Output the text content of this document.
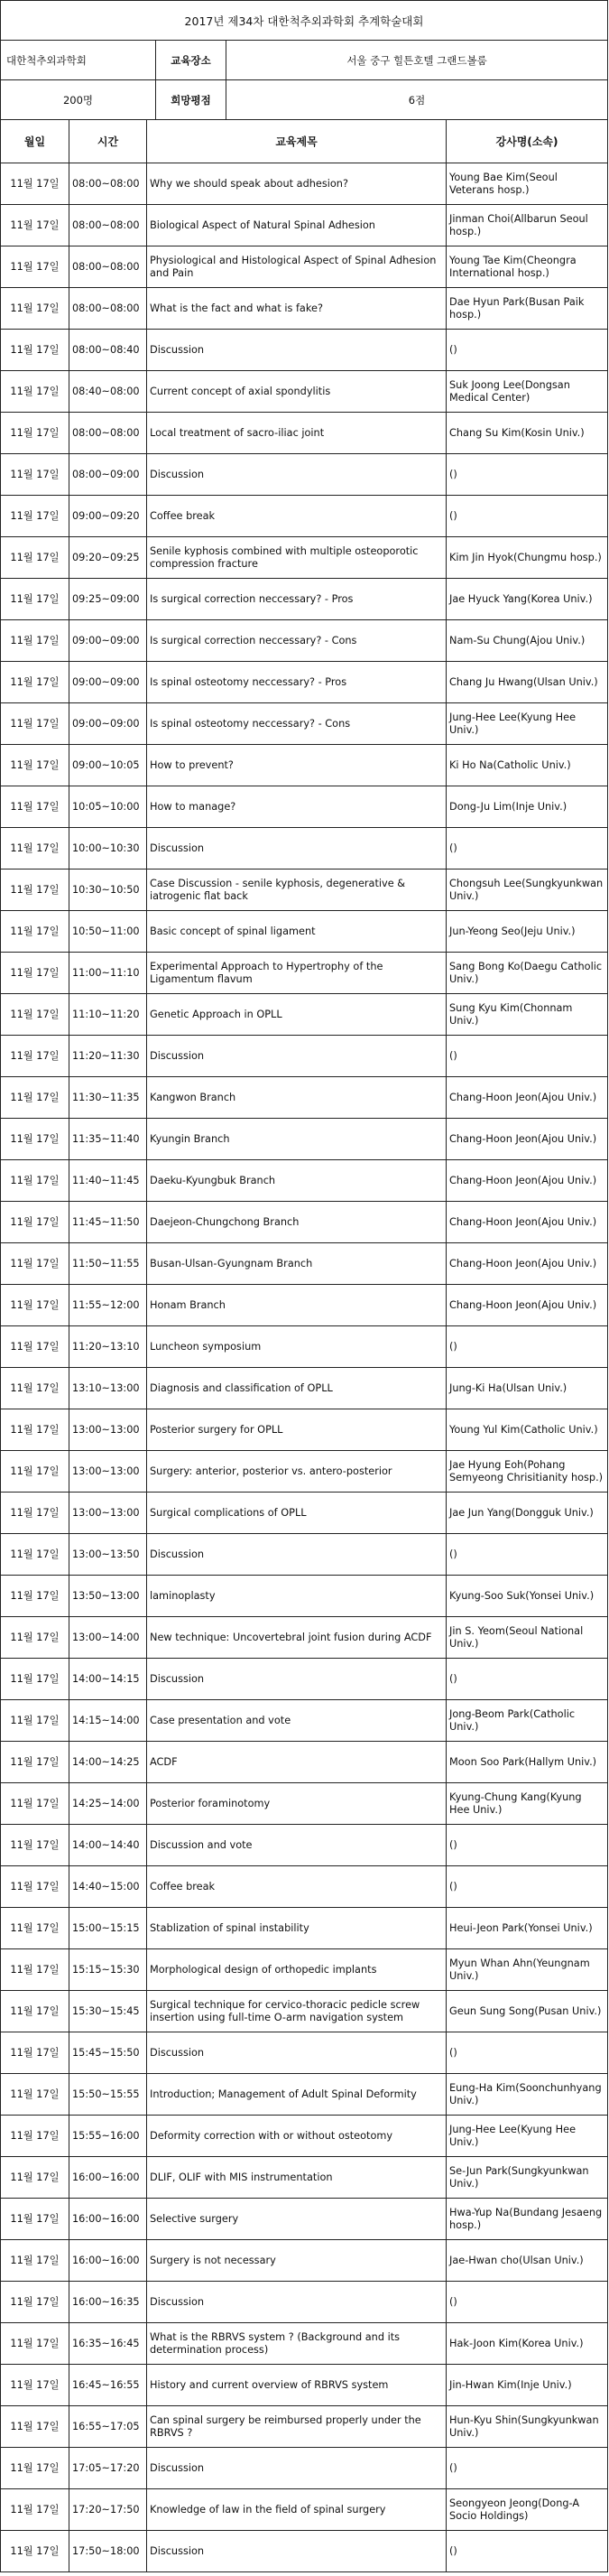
2017년 제34차 대한척추외과학회 추계학술대회		
대한척추외과학회	교육장소	서울 중구 힐튼호텔 그랜드볼룸
200명	희망평점	6점
월일	시간	교육제목	강사명(소속)
11월 17일	08:00~08:00	Why we should speak about adhesion?	Young Bae Kim(Seoul Veterans hosp.)
11월 17일	08:00~08:00	Biological Aspect of Natural Spinal Adhesion	Jinman Choi(Allbarun Seoul hosp.)
11월 17일	08:00~08:00	Physiological and Histological Aspect of Spinal Adhesion and Pain	Young Tae Kim(Cheongra International hosp.)
11월 17일	08:00~08:00	What is the fact and what is fake?	Dae Hyun Park(Busan Paik hosp.)
11월 17일	08:00~08:40	Discussion	()
11월 17일	08:40~08:00	Current concept of axial spondylitis	Suk Joong Lee(Dongsan Medical Center)
11월 17일	08:00~08:00	Local treatment of sacro-iliac joint	Chang Su Kim(Kosin Univ.)
11월 17일	08:00~09:00	Discussion	()
11월 17일	09:00~09:20	Coffee break	()
11월 17일	09:20~09:25	Senile kyphosis combined with multiple osteoporotic compression fracture	Kim Jin Hyok(Chungmu hosp.)
11월 17일	09:25~09:00	Is surgical correction neccessary? - Pros	Jae Hyuck Yang(Korea Univ.)
11월 17일	09:00~09:00	Is surgical correction neccessary? - Cons	Nam-Su Chung(Ajou Univ.)
11월 17일	09:00~09:00	Is spinal osteotomy neccessary? - Pros	Chang Ju Hwang(Ulsan Univ.)
11월 17일	09:00~09:00	Is spinal osteotomy neccessary? - Cons	Jung-Hee Lee(Kyung Hee Univ.)
11월 17일	09:00~10:05	How to prevent?	Ki Ho Na(Catholic Univ.)
11월 17일	10:05~10:00	How to manage?	Dong-Ju Lim(Inje Univ.)
11월 17일	10:00~10:30	Discussion	()
11월 17일	10:30~10:50	Case Discussion - senile kyphosis, degenerative & iatrogenic flat back	Chongsuh Lee(Sungkyunkwan Univ.)
11월 17일	10:50~11:00	Basic concept of spinal ligament	Jun-Yeong Seo(Jeju Univ.)
11월 17일	11:00~11:10	Experimental Approach to Hypertrophy of the Ligamentum flavum	Sang Bong Ko(Daegu Catholic Univ.)
11월 17일	11:10~11:20	Genetic Approach in OPLL	Sung Kyu Kim(Chonnam Univ.)
11월 17일	11:20~11:30	Discussion	()
11월 17일	11:30~11:35	Kangwon Branch	Chang-Hoon Jeon(Ajou Univ.)
11월 17일	11:35~11:40	Kyungin Branch	Chang-Hoon Jeon(Ajou Univ.)
11월 17일	11:40~11:45	Daeku-Kyungbuk Branch	Chang-Hoon Jeon(Ajou Univ.)
11월 17일	11:45~11:50	Daejeon-Chungchong Branch	Chang-Hoon Jeon(Ajou Univ.)
11월 17일	11:50~11:55	Busan-Ulsan-Gyungnam Branch	Chang-Hoon Jeon(Ajou Univ.)
11월 17일	11:55~12:00	Honam Branch	Chang-Hoon Jeon(Ajou Univ.)
11월 17일	11:20~13:10	Luncheon symposium	()
11월 17일	13:10~13:00	Diagnosis and classification of OPLL	Jung-Ki Ha(Ulsan Univ.)
11월 17일	13:00~13:00	Posterior surgery for OPLL	Young Yul Kim(Catholic Univ.)
11월 17일	13:00~13:00	Surgery: anterior, posterior vs. antero-posterior	Jae Hyung Eoh(Pohang Semyeong Chrisitianity hosp.)
11월 17일	13:00~13:00	Surgical complications of OPLL	Jae Jun Yang(Dongguk Univ.)
11월 17일	13:00~13:50	Discussion	()
11월 17일	13:50~13:00	laminoplasty	Kyung-Soo Suk(Yonsei Univ.)
11월 17일	13:00~14:00	New technique: Uncovertebral joint fusion during ACDF	Jin S. Yeom(Seoul National Univ.)
11월 17일	14:00~14:15	Discussion	()
11월 17일	14:15~14:00	Case presentation and vote	Jong-Beom Park(Catholic Univ.)
11월 17일	14:00~14:25	ACDF	Moon Soo Park(Hallym Univ.)
11월 17일	14:25~14:00	Posterior foraminotomy	Kyung-Chung Kang(Kyung Hee Univ.)
11월 17일	14:00~14:40	Discussion and vote	()
11월 17일	14:40~15:00	Coffee break	()
11월 17일	15:00~15:15	Stablization of spinal instability	Heui-Jeon Park(Yonsei Univ.)
11월 17일	15:15~15:30	Morphological design of orthopedic implants	Myun Whan Ahn(Yeungnam Univ.)
11월 17일	15:30~15:45	Surgical technique for cervico-thoracic pedicle screw insertion using full-time O-arm navigation system	Geun Sung Song(Pusan Univ.)
11월 17일	15:45~15:50	Discussion	()
11월 17일	15:50~15:55	Introduction; Management of Adult Spinal Deformity	Eung-Ha Kim(Soonchunhyang Univ.)
11월 17일	15:55~16:00	Deformity correction with or without osteotomy	Jung-Hee Lee(Kyung Hee Univ.)
11월 17일	16:00~16:00	DLIF, OLIF with MIS instrumentation	Se-Jun Park(Sungkyunkwan Univ.)
11월 17일	16:00~16:00	Selective surgery	Hwa-Yup Na(Bundang Jesaeng hosp.)
11월 17일	16:00~16:00	Surgery is not necessary	Jae-Hwan cho(Ulsan Univ.)
11월 17일	16:00~16:35	Discussion	()
11월 17일	16:35~16:45	What is the RBRVS system ? (Background and its determination process)	Hak-Joon Kim(Korea Univ.)
11월 17일	16:45~16:55	History and current overview of RBRVS system	Jin-Hwan Kim(Inje Univ.)
11월 17일	16:55~17:05	Can spinal surgery be reimbursed properly under the RBRVS ?	Hun-Kyu Shin(Sungkyunkwan Univ.)
11월 17일	17:05~17:20	Discussion	()
11월 17일	17:20~17:50	Knowledge of law in the field of spinal surgery	Seongyeon Jeong(Dong-A Socio Holdings)
11월 17일	17:50~18:00	Discussion	()
